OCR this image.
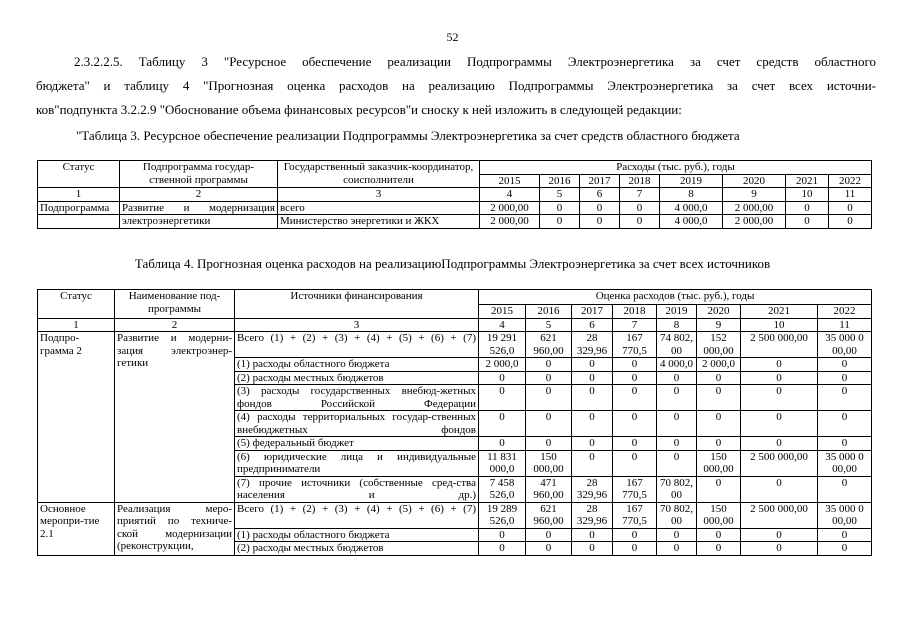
52
2.3.2.2.5. Таблицу 3 "Ресурсное обеспечение реализации Подпрограммы Электроэнергетика за счет средств областного
бюджета" и таблицу 4 "Прогнозная оценка расходов на реализацию Подпрограммы Электроэнергетика за счет всех источни-
ков"подпункта 3.2.2.9 "Обоснование объема финансовых ресурсов"и сноску к ней изложить в следующей редакции:
"Таблица 3. Ресурсное обеспечение реализации Подпрограммы Электроэнергетика за счет средств областного бюджета
Статус	Подпрограмма государ-ственной программы	Государственный заказчик-координатор, соисполнители	Расходы (тыс. руб.), годы							
			2015	2016	2017	2018	2019	2020	2021	2022
1	2	3	4	5	6	7	8	9	10	11
Подпрограмма	Развитие и модернизация	всего	2 000,00	0	0	0	4 000,0	2 000,00	0	0
	электроэнергетики	Министерство энергетики и ЖКХ	2 000,00	0	0	0	4 000,0	2 000,00	0	0
Таблица 4. Прогнозная оценка расходов на реализациюПодпрограммы Электроэнергетика за счет всех источников
Статус	Наименование под-программы	Источники финансирования	Оценка расходов (тыс. руб.), годы							
			2015	2016	2017	2018	2019	2020	2021	2022
1	2	3	4	5	6	7	8	9	10	11
Подпро-грамма 2	Развитие и модерни-зация электроэнер-гетики	Всего (1) + (2) + (3) + (4) + (5) + (6) + (7)	19 291 526,0	621 960,00	28 329,96	167 770,5	74 802, 00	152 000,00	2 500 000,00	35 000 0 00,00
		(1) расходы областного бюджета	2 000,0	0	0	0	4 000,0	2 000,0	0	0
		(2) расходы местных бюджетов	0	0	0	0	0	0	0	0
		(3) расходы государственных внебюд-жетных фондов Российской Федерации	0	0	0	0	0	0	0	0
		(4) расходы территориальных государ-ственных внебюджетных фондов	0	0	0	0	0	0	0	0
		(5) федеральный бюджет	0	0	0	0	0	0	0	0
		(6) юридические лица и индивидуальные предприниматели	11 831 000,0	150 000,00	0	0	0	150 000,00	2 500 000,00	35 000 0 00,00
		(7) прочие источники (собственные сред-ства населения и др.)	7 458 526,0	471 960,00	28 329,96	167 770,5	70 802, 00	0	0	0
Основное меропри-тие 2.1	Реализация меро-приятий по техниче-ской модернизации (реконструкции,	Всего (1) + (2) + (3) + (4) + (5) + (6) + (7)	19 289 526,0	621 960,00	28 329,96	167 770,5	70 802, 00	150 000,00	2 500 000,00	35 000 0 00,00
		(1) расходы областного бюджета	0	0	0	0	0	0	0	0
		(2) расходы местных бюджетов	0	0	0	0	0	0	0	0
